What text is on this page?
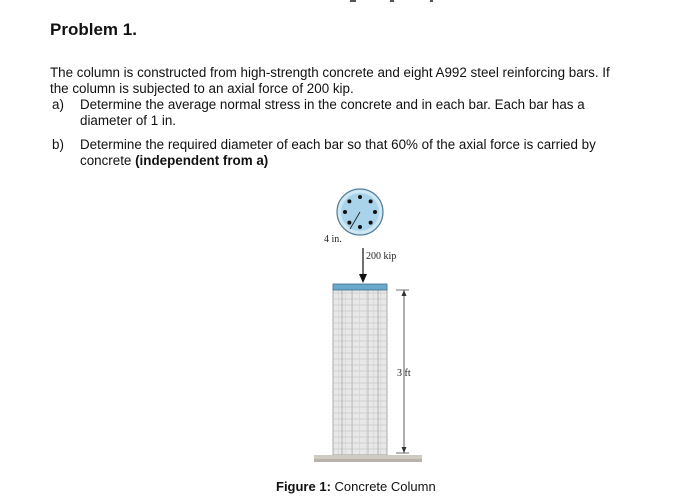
Problem 1.
The column is constructed from high-strength concrete and eight A992 steel reinforcing bars. If
the column is subjected to an axial force of 200 kip.
a) Determine the average normal stress in the concrete and in each bar. Each bar has a
diameter of 1 in.
b) Determine the required diameter of each bar so that 60% of the axial force is carried by
concrete (independent from a)
4 in.
200 kip
3 ft
Figure 1: Concrete Column
